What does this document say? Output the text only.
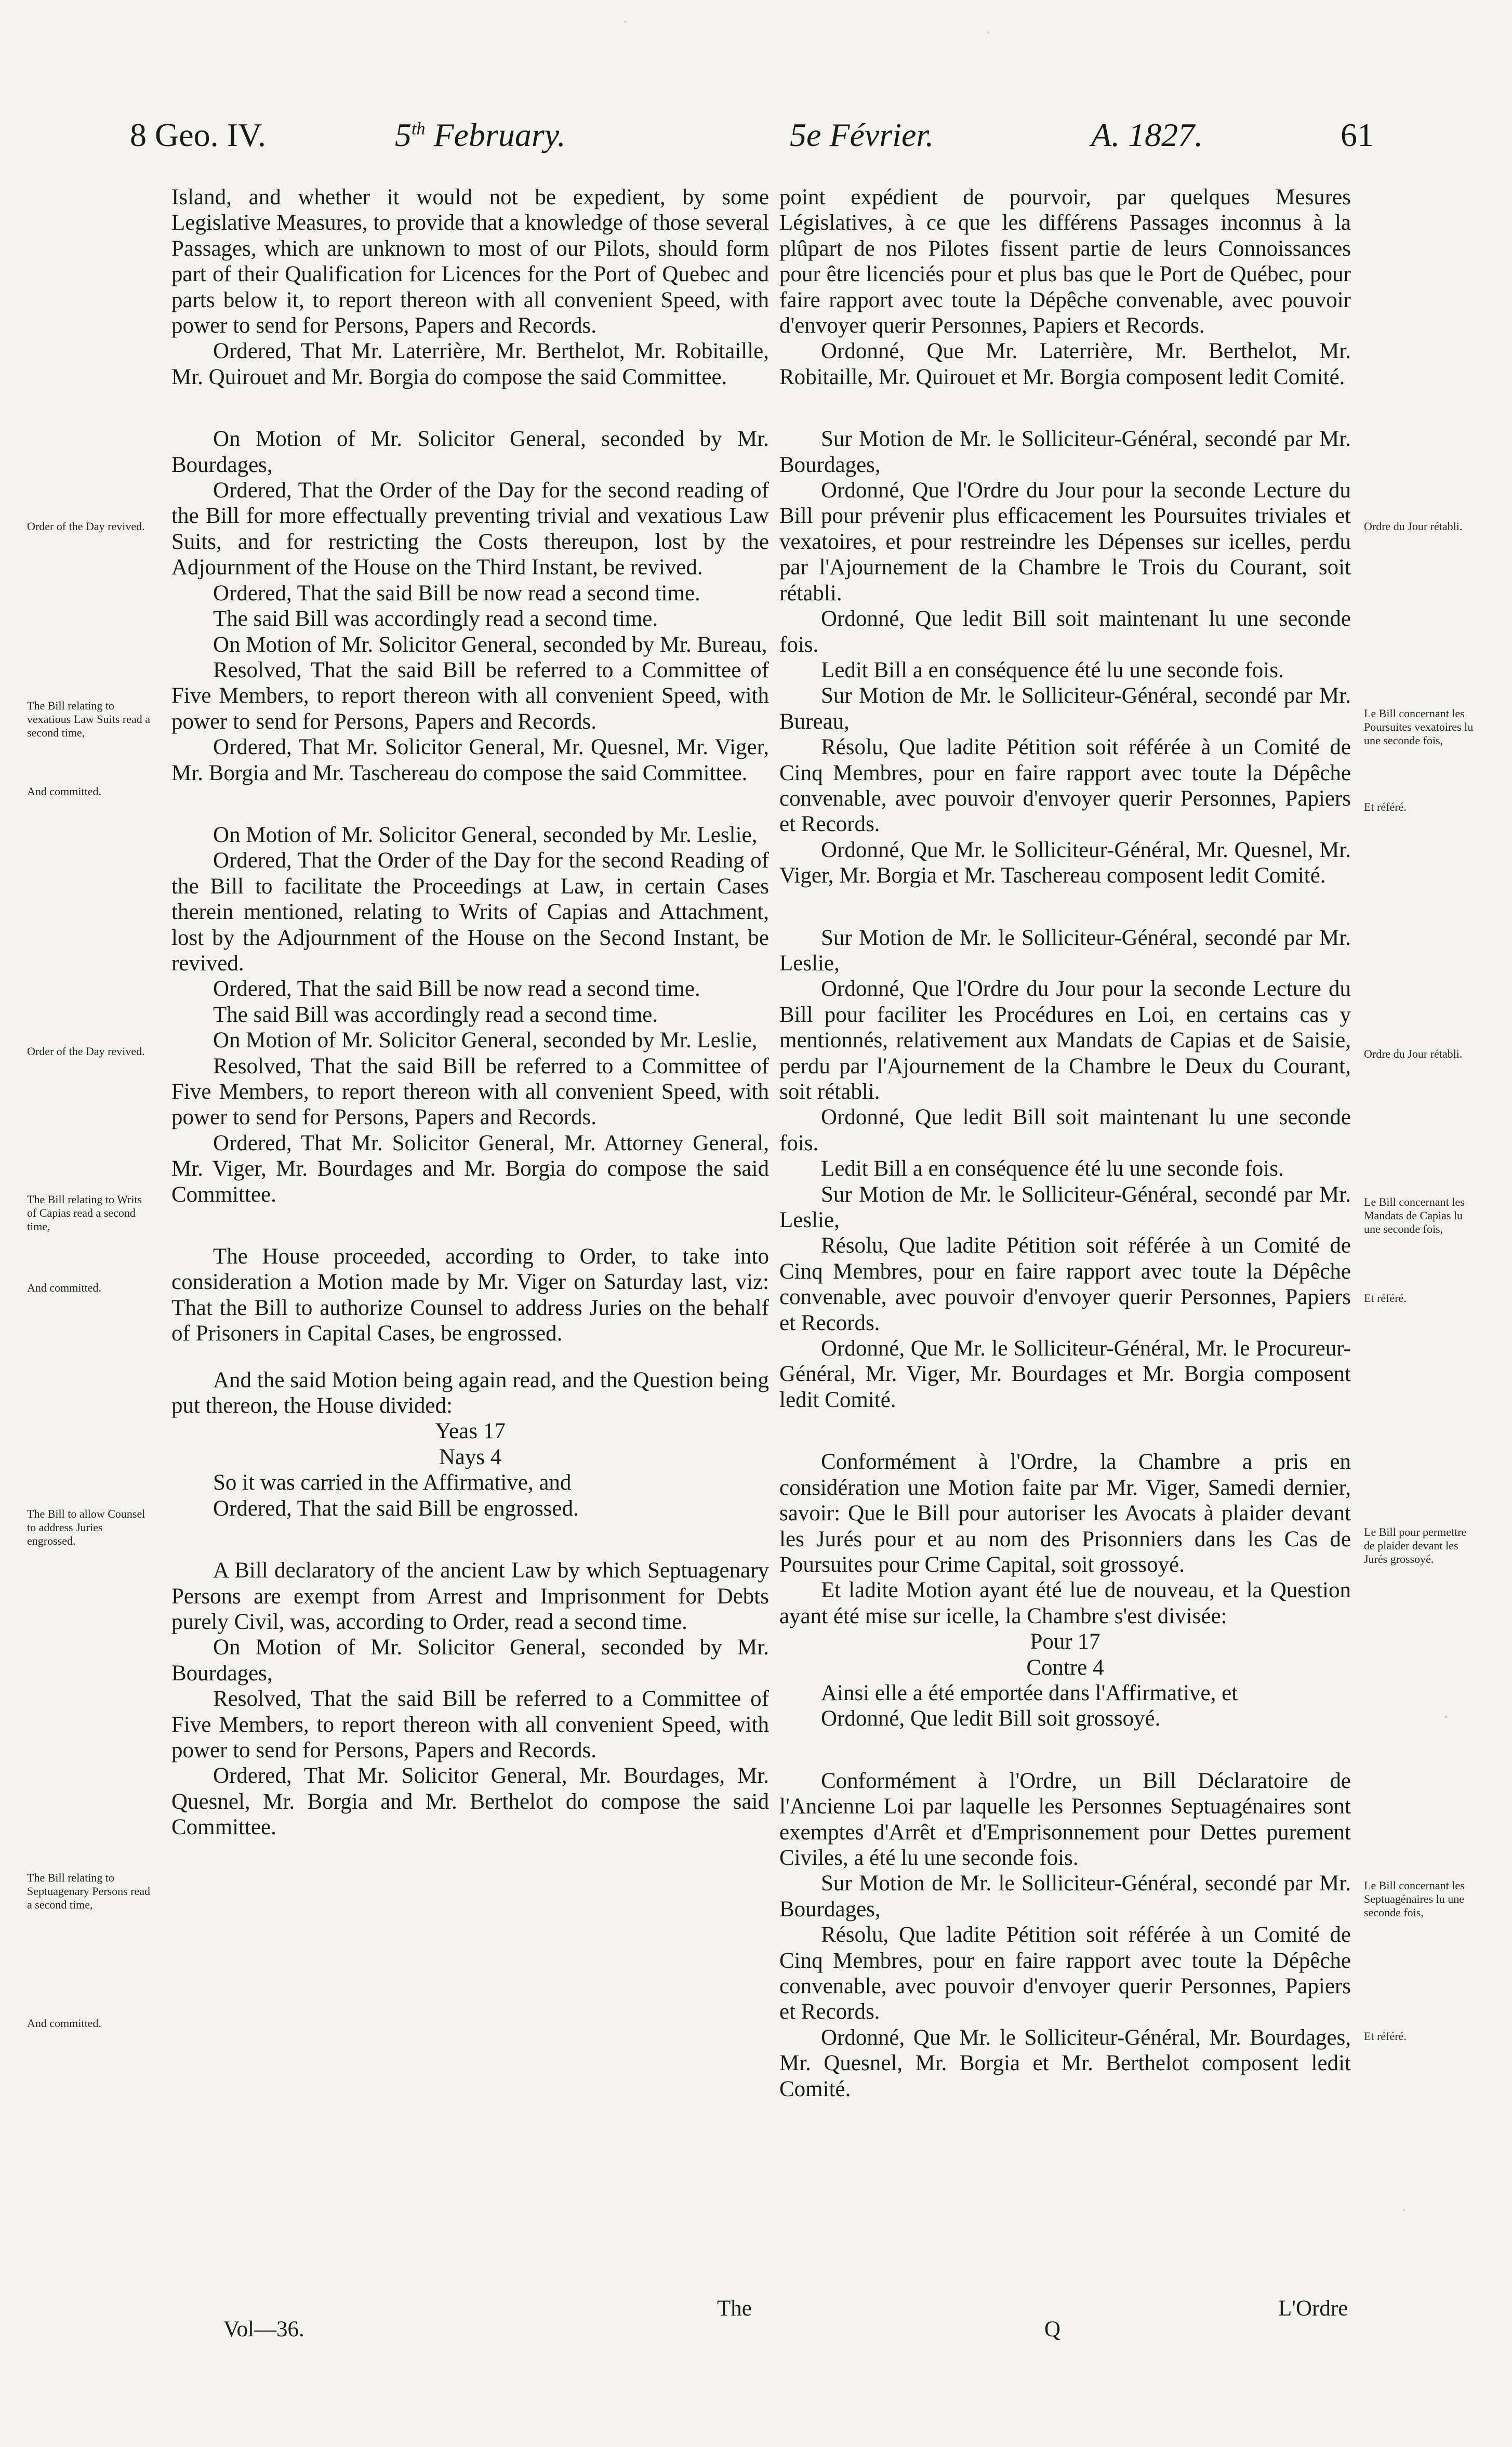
8 Geo. IV.	5th February.	5e Février.	A. 1827.	61

Island, and whether it would not be expedient, by some Legislative Measures, to provide that a knowledge of those several Passages, which are unknown to most of our Pilots, should form part of their Qualification for Licences for the Port of Quebec and parts below it, to report thereon with all convenient Speed, with power to send for Persons, Papers and Records.

Ordered, That Mr. Laterrière, Mr. Berthelot, Mr. Robitaille, Mr. Quirouet and Mr. Borgia do compose the said Committee.

On Motion of Mr. Solicitor General, seconded by Mr. Bourdages,

Ordered, That the Order of the Day for the second reading of the Bill for more effectually preventing trivial and vexatious Law Suits, and for restricting the Costs thereupon, lost by the Adjournment of the House on the Third Instant, be revived.

Ordered, That the said Bill be now read a second time.

The said Bill was accordingly read a second time.

On Motion of Mr. Solicitor General, seconded by Mr. Bureau,

Resolved, That the said Bill be referred to a Committee of Five Members, to report thereon with all convenient Speed, with power to send for Persons, Papers and Records.

Ordered, That Mr. Solicitor General, Mr. Quesnel, Mr. Viger, Mr. Borgia and Mr. Taschereau do compose the said Committee.

On Motion of Mr. Solicitor General, seconded by Mr. Leslie,

Ordered, That the Order of the Day for the second Reading of the Bill to facilitate the Proceedings at Law, in certain Cases therein mentioned, relating to Writs of Capias and Attachment, lost by the Adjournment of the House on the Second Instant, be revived.

Ordered, That the said Bill be now read a second time.

The said Bill was accordingly read a second time.

On Motion of Mr. Solicitor General, seconded by Mr. Leslie,

Resolved, That the said Bill be referred to a Committee of Five Members, to report thereon with all convenient Speed, with power to send for Persons, Papers and Records.

Ordered, That Mr. Solicitor General, Mr. Attorney General, Mr. Viger, Mr. Bourdages and Mr. Borgia do compose the said Committee.

The House proceeded, according to Order, to take into consideration a Motion made by Mr. Viger on Saturday last, viz: That the Bill to authorize Counsel to address Juries on the behalf of Prisoners in Capital Cases, be engrossed.

And the said Motion being again read, and the Question being put thereon, the House divided:

Yeas 17

Nays 4

So it was carried in the Affirmative, and

Ordered, That the said Bill be engrossed.

A Bill declaratory of the ancient Law by which Septuagenary Persons are exempt from Arrest and Imprisonment for Debts purely Civil, was, according to Order, read a second time.

On Motion of Mr. Solicitor General, seconded by Mr. Bourdages,

Resolved, That the said Bill be referred to a Committee of Five Members, to report thereon with all convenient Speed, with power to send for Persons, Papers and Records.

Ordered, That Mr. Solicitor General, Mr. Bourdages, Mr. Quesnel, Mr. Borgia and Mr. Berthelot do compose the said Committee.

point expédient de pourvoir, par quelques Mesures Législatives, à ce que les différens Passages inconnus à la plûpart de nos Pilotes fissent partie de leurs Connoissances pour être licenciés pour et plus bas que le Port de Québec, pour faire rapport avec toute la Dépêche convenable, avec pouvoir d'envoyer querir Personnes, Papiers et Records.

Ordonné, Que Mr. Laterrière, Mr. Berthelot, Mr. Robitaille, Mr. Quirouet et Mr. Borgia composent ledit Comité.

Sur Motion de Mr. le Solliciteur-Général, secondé par Mr. Bourdages,

Ordonné, Que l'Ordre du Jour pour la seconde Lecture du Bill pour prévenir plus efficacement les Poursuites triviales et vexatoires, et pour restreindre les Dépenses sur icelles, perdu par l'Ajournement de la Chambre le Trois du Courant, soit rétabli.

Ordonné, Que ledit Bill soit maintenant lu une seconde fois.

Ledit Bill a en conséquence été lu une seconde fois.

Sur Motion de Mr. le Solliciteur-Général, secondé par Mr. Bureau,

Résolu, Que ladite Pétition soit référée à un Comité de Cinq Membres, pour en faire rapport avec toute la Dépêche convenable, avec pouvoir d'envoyer querir Personnes, Papiers et Records.

Ordonné, Que Mr. le Solliciteur-Général, Mr. Quesnel, Mr. Viger, Mr. Borgia et Mr. Taschereau composent ledit Comité.

Sur Motion de Mr. le Solliciteur-Général, secondé par Mr. Leslie,

Ordonné, Que l'Ordre du Jour pour la seconde Lecture du Bill pour faciliter les Procédures en Loi, en certains cas y mentionnés, relativement aux Mandats de Capias et de Saisie, perdu par l'Ajournement de la Chambre le Deux du Courant, soit rétabli.

Ordonné, Que ledit Bill soit maintenant lu une seconde fois.

Ledit Bill a en conséquence été lu une seconde fois.

Sur Motion de Mr. le Solliciteur-Général, secondé par Mr. Leslie,

Résolu, Que ladite Pétition soit référée à un Comité de Cinq Membres, pour en faire rapport avec toute la Dépêche convenable, avec pouvoir d'envoyer querir Personnes, Papiers et Records.

Ordonné, Que Mr. le Solliciteur-Général, Mr. le Procureur-Général, Mr. Viger, Mr. Bourdages et Mr. Borgia composent ledit Comité.

Conformément à l'Ordre, la Chambre a pris en considération une Motion faite par Mr. Viger, Samedi dernier, savoir: Que le Bill pour autoriser les Avocats à plaider devant les Jurés pour et au nom des Prisonniers dans les Cas de Poursuites pour Crime Capital, soit grossoyé.

Et ladite Motion ayant été lue de nouveau, et la Question ayant été mise sur icelle, la Chambre s'est divisée:

Pour 17

Contre 4

Ainsi elle a été emportée dans l'Affirmative, et

Ordonné, Que ledit Bill soit grossoyé.

Conformément à l'Ordre, un Bill Déclaratoire de l'Ancienne Loi par laquelle les Personnes Septuagénaires sont exemptes d'Arrêt et d'Emprisonnement pour Dettes purement Civiles, a été lu une seconde fois.

Sur Motion de Mr. le Solliciteur-Général, secondé par Mr. Bourdages,

Résolu, Que ladite Pétition soit référée à un Comité de Cinq Membres, pour en faire rapport avec toute la Dépêche convenable, avec pouvoir d'envoyer querir Personnes, Papiers et Records.

Ordonné, Que Mr. le Solliciteur-Général, Mr. Bourdages, Mr. Quesnel, Mr. Borgia et Mr. Berthelot composent ledit Comité.

Order of the Day revived.
The Bill relating to vexatious Law Suits read a second time,
And committed.
Order of the Day revived.
The Bill relating to Writs of Capias read a second time,
And committed.
The Bill to allow Counsel to address Juries engrossed.
The Bill relating to Septuagenary Persons read a second time,
And committed.
Ordre du Jour rétabli.
Le Bill concernant les Poursuites vexatoires lu une seconde fois,
Et référé.
Ordre du Jour rétabli.
Le Bill concernant les Mandats de Capias lu une seconde fois,
Et référé.
Le Bill pour permettre de plaider devant les Jurés grossoyé.
Le Bill concernant les Septuagénaires lu une seconde fois,
Et référé.
Vol—36.
The
Q
L'Ordre
